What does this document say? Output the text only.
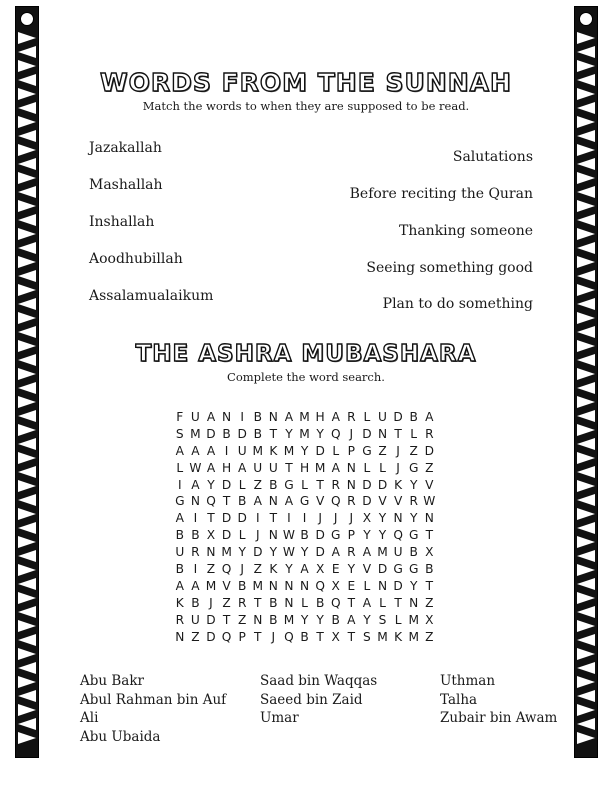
WORDS FROM THE SUNNAH
Match the words to when they are supposed to be read.
Jazakallah
Mashallah
Inshallah
Aoodhubillah
Assalamualaikum
Salutations
Before reciting the Quran
Thanking someone
Seeing something good
Plan to do something
THE ASHRA MUBASHARA
Complete the word search.
F U A N I B N A M H A R L U D B A
S M D B D B T Y M Y Q J D N T L R
A A A I U M K M Y D L P G Z J Z D
L W A H A U U T H M A N L L J G Z
I A Y D L Z B G L T R N D D K Y V
G N Q T B A N A G V Q R D V V R W
A I T D D I T I I J J J X Y N Y N
B B X D L J N W B D G P Y Y Q G T
U R N M Y D Y W Y D A R A M U B X
B I Z Q J Z K Y A X E Y V D G G B
A A M V B M N N N Q X E L N D Y T
K B J Z R T B N L B Q T A L T N Z
R U D T Z N B M Y Y B A Y S L M X
N Z D Q P T J Q B T X T S M K M Z
Abu Bakr
Abul Rahman bin Auf
Ali
Abu Ubaida
Saad bin Waqqas
Saeed bin Zaid
Umar
Uthman
Talha
Zubair bin Awam
